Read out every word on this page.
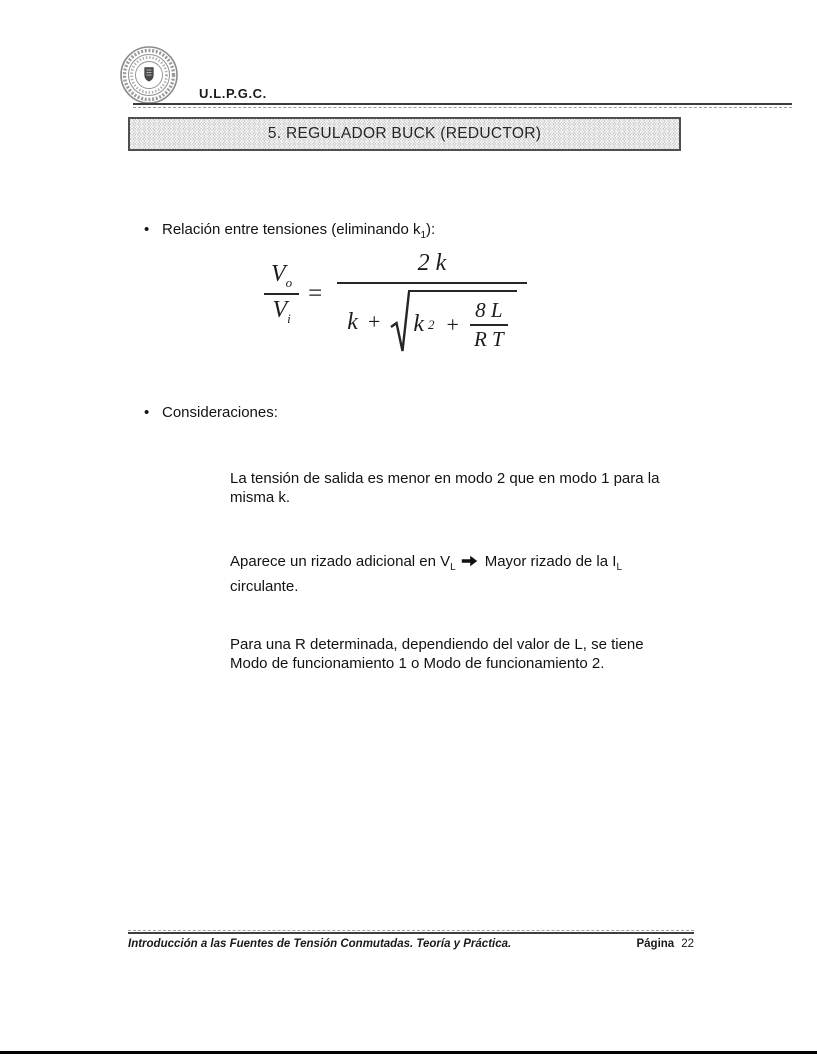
U.L.P.G.C.
5. REGULADOR BUCK (REDUCTOR)
• Relación entre tensiones (eliminando $k_1$):
$\frac{V_o}{V_i}$ =
2 k
k + k $2 + \frac{8 L}{\text{R T}}$
• Consideraciones:
La tensión de salida es menor en modo 2 que en modo 1 para la
misma k.
Aparece un rizado adicional en $V_L$ Mayor rizado de la $I_L$
circulante.
Para una R determinada, dependiendo del valor de L, se tiene
Modo de funcionamiento 1 o Modo de funcionamiento 2.
Introducción a las Fuentes de Tensión Conmutadas. Teoría y Práctica.	Página 22
